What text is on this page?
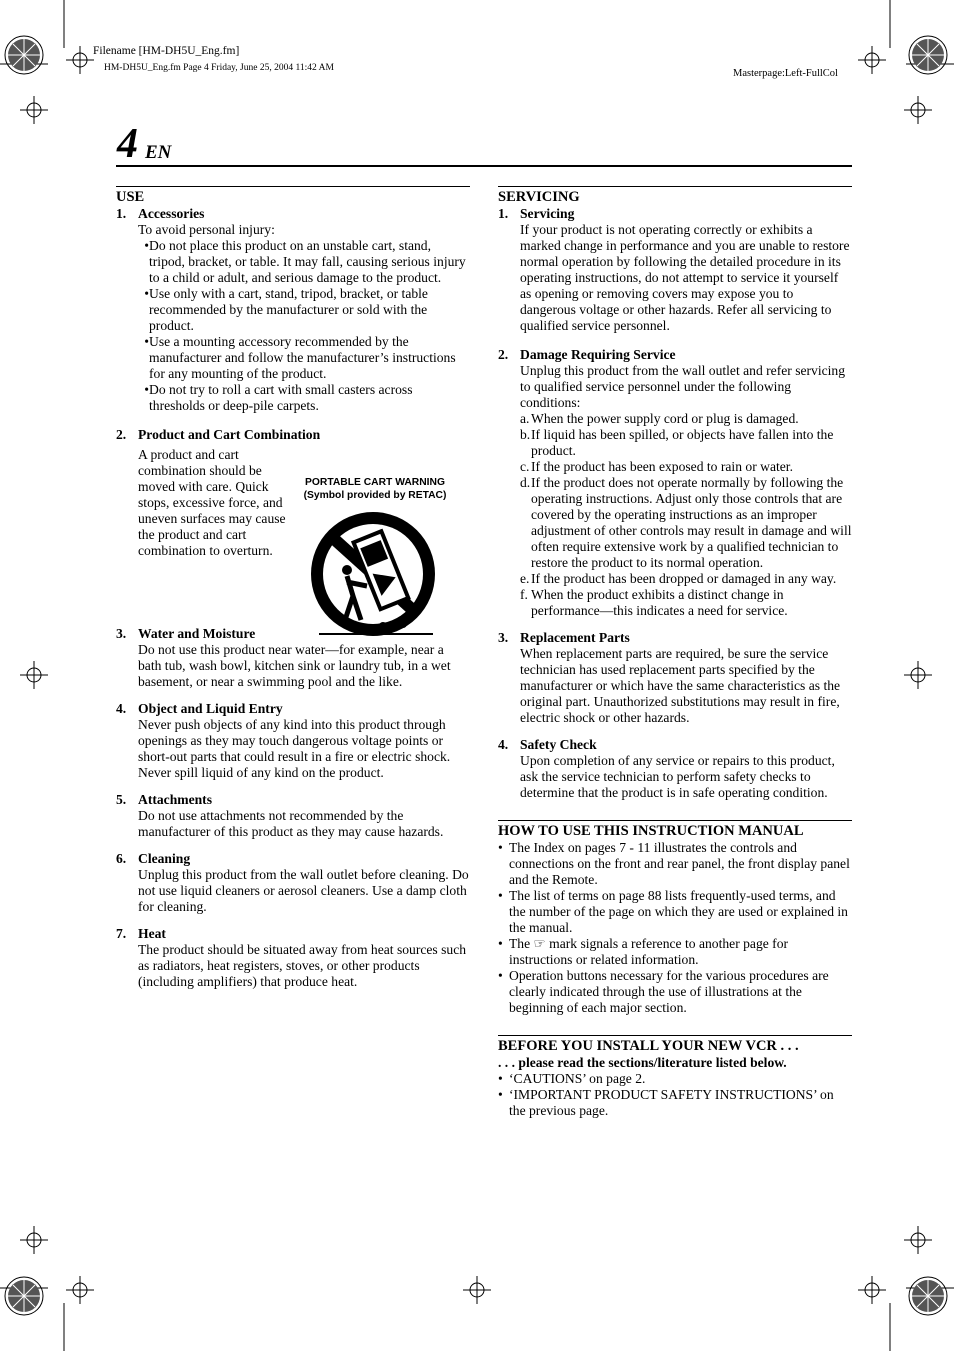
Filename [HM-DH5U_Eng.fm]
HM-DH5U_Eng.fm Page 4 Friday, June 25, 2004 11:42 AM	Masterpage:Left-FullCol
4 EN
USE
1. Accessories
To avoid personal injury:
• Do not place this product on an unstable cart, stand, tripod, bracket, or table. It may fall, causing serious injury to a child or adult, and serious damage to the product.
• Use only with a cart, stand, tripod, bracket, or table recommended by the manufacturer or sold with the product.
• Use a mounting accessory recommended by the manufacturer and follow the manufacturer’s instructions for any mounting of the product.
• Do not try to roll a cart with small casters across thresholds or deep-pile carpets.
2. Product and Cart Combination
A product and cart combination should be moved with care. Quick stops, excessive force, and uneven surfaces may cause the product and cart combination to overturn.
3. Water and Moisture
Do not use this product near water—for example, near a bath tub, wash bowl, kitchen sink or laundry tub, in a wet basement, or near a swimming pool and the like.
4. Object and Liquid Entry
Never push objects of any kind into this product through openings as they may touch dangerous voltage points or short-out parts that could result in a fire or electric shock. Never spill liquid of any kind on the product.
5. Attachments
Do not use attachments not recommended by the manufacturer of this product as they may cause hazards.
6. Cleaning
Unplug this product from the wall outlet before cleaning. Do not use liquid cleaners or aerosol cleaners. Use a damp cloth for cleaning.
7. Heat
The product should be situated away from heat sources such as radiators, heat registers, stoves, or other products (including amplifiers) that produce heat.
PORTABLE CART WARNING
(Symbol provided by RETAC)
SERVICING
1. Servicing
If your product is not operating correctly or exhibits a marked change in performance and you are unable to restore normal operation by following the detailed procedure in its operating instructions, do not attempt to service it yourself as opening or removing covers may expose you to dangerous voltage or other hazards. Refer all servicing to qualified service personnel.
2. Damage Requiring Service
Unplug this product from the wall outlet and refer servicing to qualified service personnel under the following conditions:
a. When the power supply cord or plug is damaged.
b. If liquid has been spilled, or objects have fallen into the product.
c. If the product has been exposed to rain or water.
d. If the product does not operate normally by following the operating instructions. Adjust only those controls that are covered by the operating instructions as an improper adjustment of other controls may result in damage and will often require extensive work by a qualified technician to restore the product to its normal operation.
e. If the product has been dropped or damaged in any way.
f. When the product exhibits a distinct change in performance—this indicates a need for service.
3. Replacement Parts
When replacement parts are required, be sure the service technician has used replacement parts specified by the manufacturer or which have the same characteristics as the original part. Unauthorized substitutions may result in fire, electric shock or other hazards.
4. Safety Check
Upon completion of any service or repairs to this product, ask the service technician to perform safety checks to determine that the product is in safe operating condition.
HOW TO USE THIS INSTRUCTION MANUAL
• The Index on pages 7 - 11 illustrates the controls and connections on the front and rear panel, the front display panel and the Remote.
• The list of terms on page 88 lists frequently-used terms, and the number of the page on which they are used or explained in the manual.
• The ☞ mark signals a reference to another page for instructions or related information.
• Operation buttons necessary for the various procedures are clearly indicated through the use of illustrations at the beginning of each major section.
BEFORE YOU INSTALL YOUR NEW VCR . . .
. . . please read the sections/literature listed below.
• ‘CAUTIONS’ on page 2.
• ‘IMPORTANT PRODUCT SAFETY INSTRUCTIONS’ on the previous page.
